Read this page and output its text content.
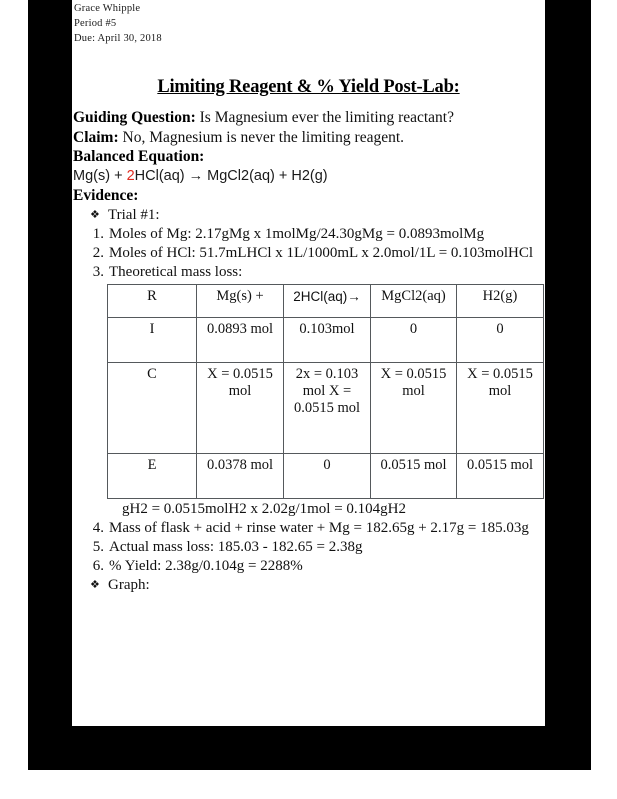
Grace Whipple
Period #5
Due: April 30, 2018
Limiting Reagent & % Yield Post-Lab:
Guiding Question: Is Magnesium ever the limiting reactant?
Claim: No, Magnesium is never the limiting reagent.
Balanced Equation:
Mg(s) + 2HCl(aq) → MgCl2(aq) + H2(g)
Evidence:
❖ Trial #1:
1. Moles of Mg: 2.17gMg x 1molMg/24.30gMg = 0.0893molMg
2. Moles of HCl: 51.7mLHCl x 1L/1000mL x 2.0mol/1L = 0.103molHCl
3. Theoretical mass loss:
R	Mg(s) +	2HCl(aq)→	MgCl2(aq)	H2(g)
I	0.0893 mol	0.103mol	0	0
C	X = 0.0515 mol	2x = 0.103 mol X = 0.0515 mol	X = 0.0515 mol	X = 0.0515 mol
E	0.0378 mol	0	0.0515 mol	0.0515 mol
gH2 = 0.0515molH2 x 2.02g/1mol = 0.104gH2
4. Mass of flask + acid + rinse water + Mg = 182.65g + 2.17g = 185.03g
5. Actual mass loss: 185.03 - 182.65 = 2.38g
6. % Yield: 2.38g/0.104g = 2288%
❖ Graph:
